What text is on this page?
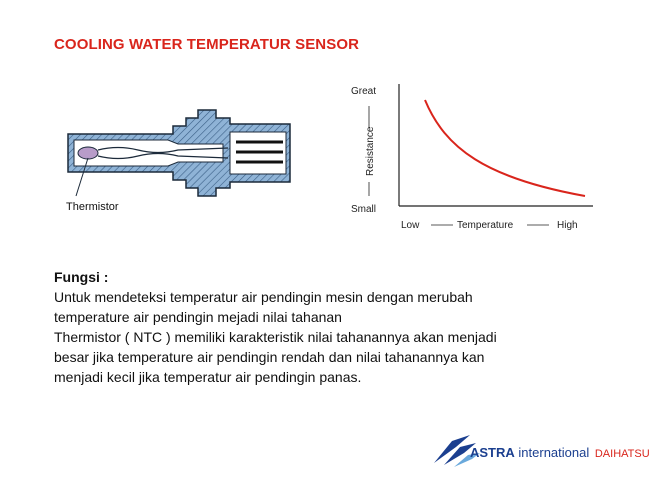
COOLING WATER TEMPERATUR SENSOR
Thermistor
Great
Resistance
Small
Low	Temperature	High
Fungsi :
Untuk mendeteksi temperatur air pendingin mesin dengan merubah
temperature air pendingin mejadi nilai tahanan
Thermistor ( NTC ) memiliki karakteristik nilai tahanannya akan menjadi
besar jika temperature air pendingin rendah dan nilai tahanannya kan
menjadi kecil jika temperatur air pendingin panas.
ASTRA international DAIHATSU
